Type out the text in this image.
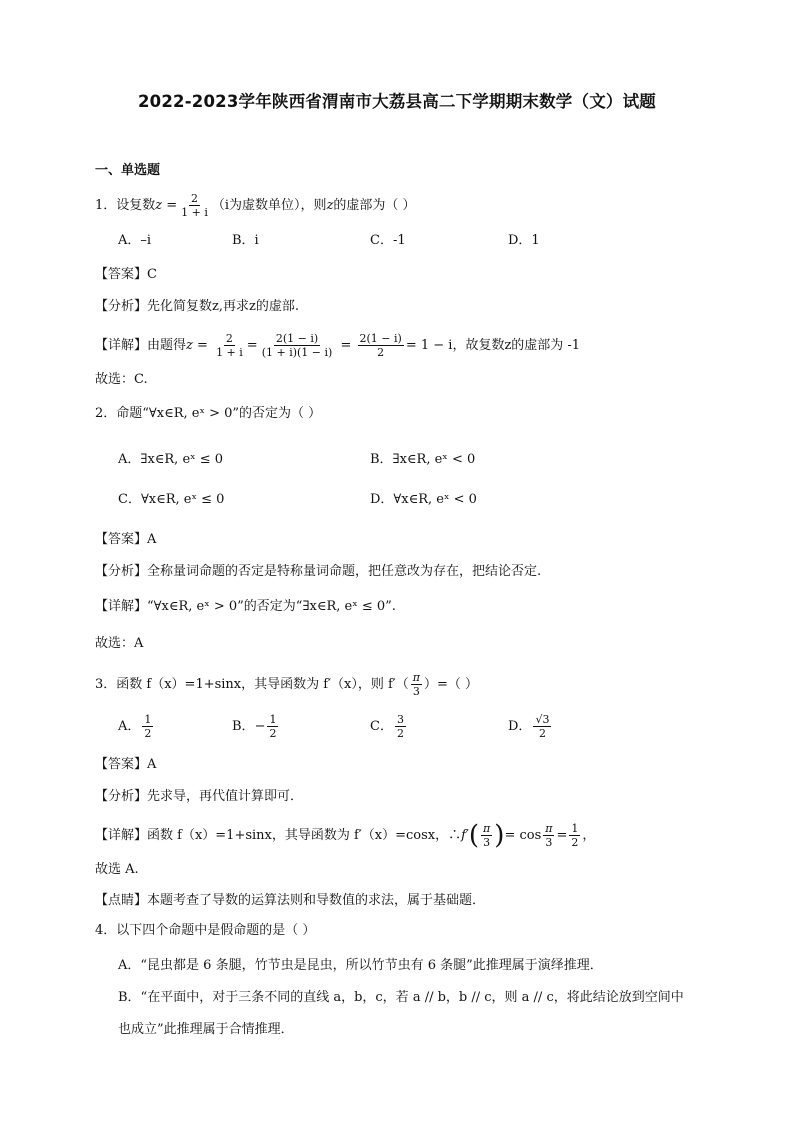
2022-2023学年陕西省渭南市大荔县高二下学期期末数学（文）试题
一、单选题
1．设复数$z = \frac{2}{1 + i} (i$为虚数单位），则z的虚部为（ ）
A．–i	B．i	C．-1	D．1
【答案】C
【分析】先化简复数z,再求z的虚部.
【详解】由题得$z = \frac{2}{1 + i} = \frac{2(1 - i)}{(1 + i)(1 - i)} = \frac{2(1 - i)}{2} = 1 - i$，故复数z的虚部为 -1
故选：C.
2．命题“∀x∈R, eˣ > 0”的否定为（ ）
A．∃x∈R, eˣ ≤ 0	B．∃x∈R, eˣ < 0
C．∀x∈R, eˣ ≤ 0	D．∀x∈R, eˣ < 0
【答案】A
【分析】全称量词命题的否定是特称量词命题，把任意改为存在，把结论否定.
【详解】“∀x∈R, eˣ > 0”的否定为“∃x∈R, eˣ ≤ 0”.
故选：A
3．函数 f（x）=1+sinx，其导函数为 f′（x），则 $f'( \frac{\pi}{3}$ ）=（ ）
A． $\frac{1}{2}$	B．− $\frac{1}{2}$	C． $\frac{3}{2}$	D． $\frac{√3}{2}$
【答案】A
【分析】先求导，再代值计算即可．
【详解】函数 f（x）=1+sinx，其导函数为 f′（x）=cosx，∴f′( $\frac{\pi}{3}$ )= $\cos \frac{\pi}{3} = \frac{1}{2}$ ，
故选 A.
【点睛】本题考查了导数的运算法则和导数值的求法，属于基础题．
4．以下四个命题中是假命题的是（ ）
A．“昆虫都是 6 条腿，竹节虫是昆虫，所以竹节虫有 6 条腿”此推理属于演绎推理．
B．“在平面中，对于三条不同的直线 a，b，c，若 a // b，b // c，则 a // c，将此结论放到空间中
也成立”此推理属于合情推理．
